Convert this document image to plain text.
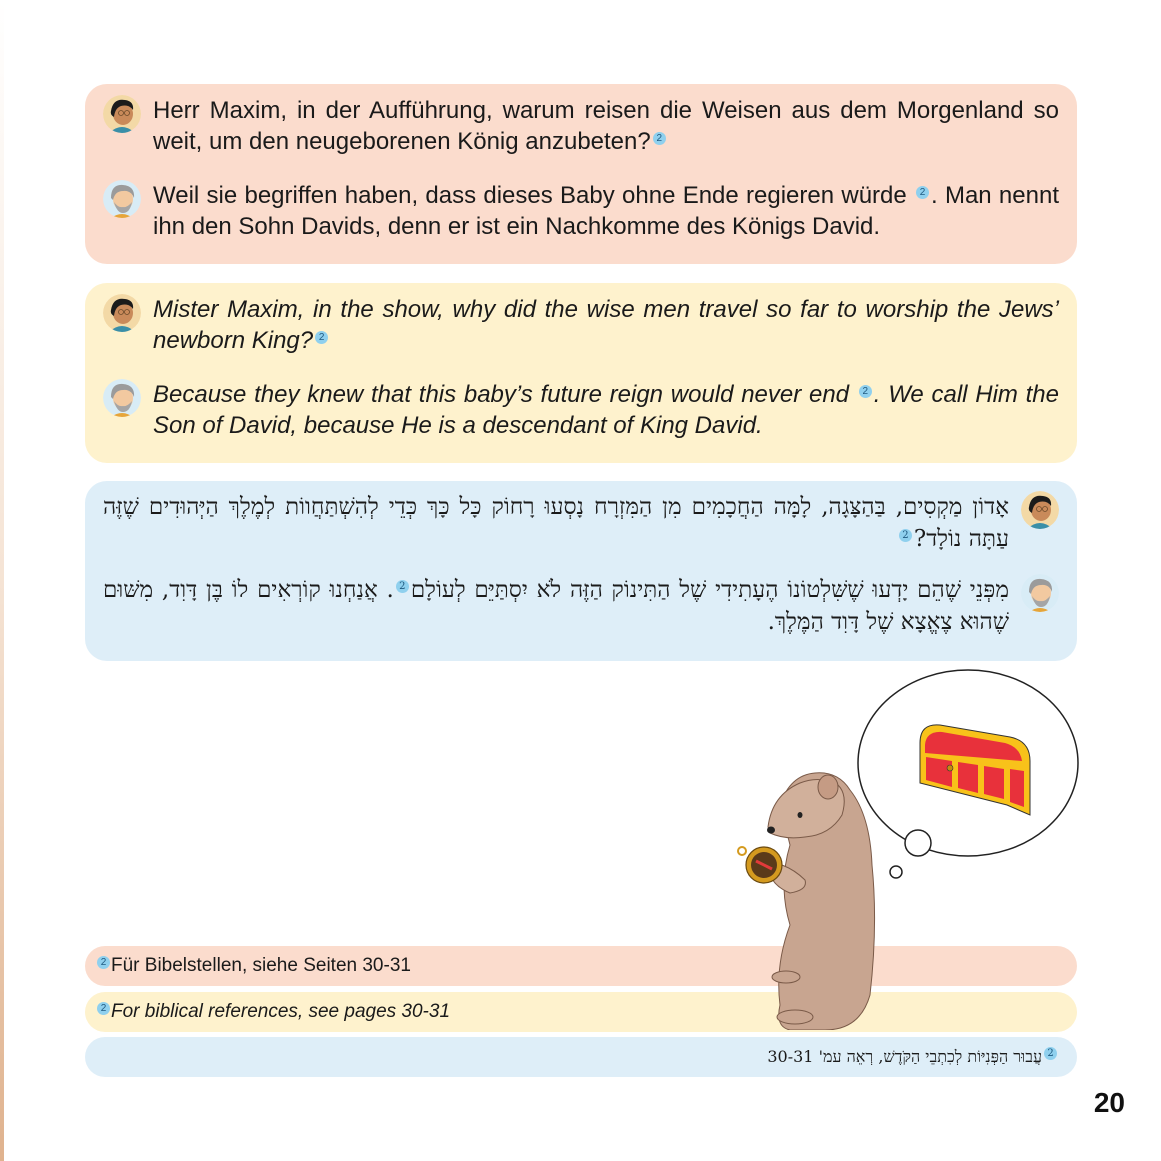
Herr Maxim, in der Aufführung, warum reisen die Weisen aus dem Morgenland so weit, um den neugeborenen König anzubeten? 2
Weil sie begriffen haben, dass dieses Baby ohne Ende regieren würde 2 . Man nennt ihn den Sohn Davids, denn er ist ein Nachkomme des Königs David.
Mister Maxim, in the show, why did the wise men travel so far to worship the Jews’ newborn King? 2
Because they knew that this baby’s future reign would never end 2 . We call Him the Son of David, because He is a descendant of King David.
אָדוֹן מַקְסִים, בַּהַצָּגָה, לָמָּה הַחֲכָמִים מִן הַמִּזְרָח נָסְעוּ רָחוֹק כָּל כָּךְ כְּדֵי לְהִשְׁתַּחֲווֹת לְמֶלֶךְ הַיְּהוּדִים שֶׁזֶּה עַתָּה נוֹלָד?2
מִפְּנֵי שֶׁהֵם יָדְעוּ שֶׁשִּׁלְטוֹנוֹ הֶעָתִידִי שֶׁל הַתִּינוֹק הַזֶּה לֹא יִסְתַּיֵּם לְעוֹלָם2. אֲנַחְנוּ קוֹרְאִים לוֹ בֶּן דָּוִד, מִשּׁוּם שֶׁהוּא צֶאֱצָא שֶׁל דָּוִד הַמֶּלֶךְ.
2 Für Bibelstellen, siehe Seiten 30-31
2 For biblical references, see pages 30-31
2עֲבוּר הַפְּנִיּוֹת לְכִתְבֵי הַקֹּדֶשׁ, רְאֵה עמ' 30-31
20
